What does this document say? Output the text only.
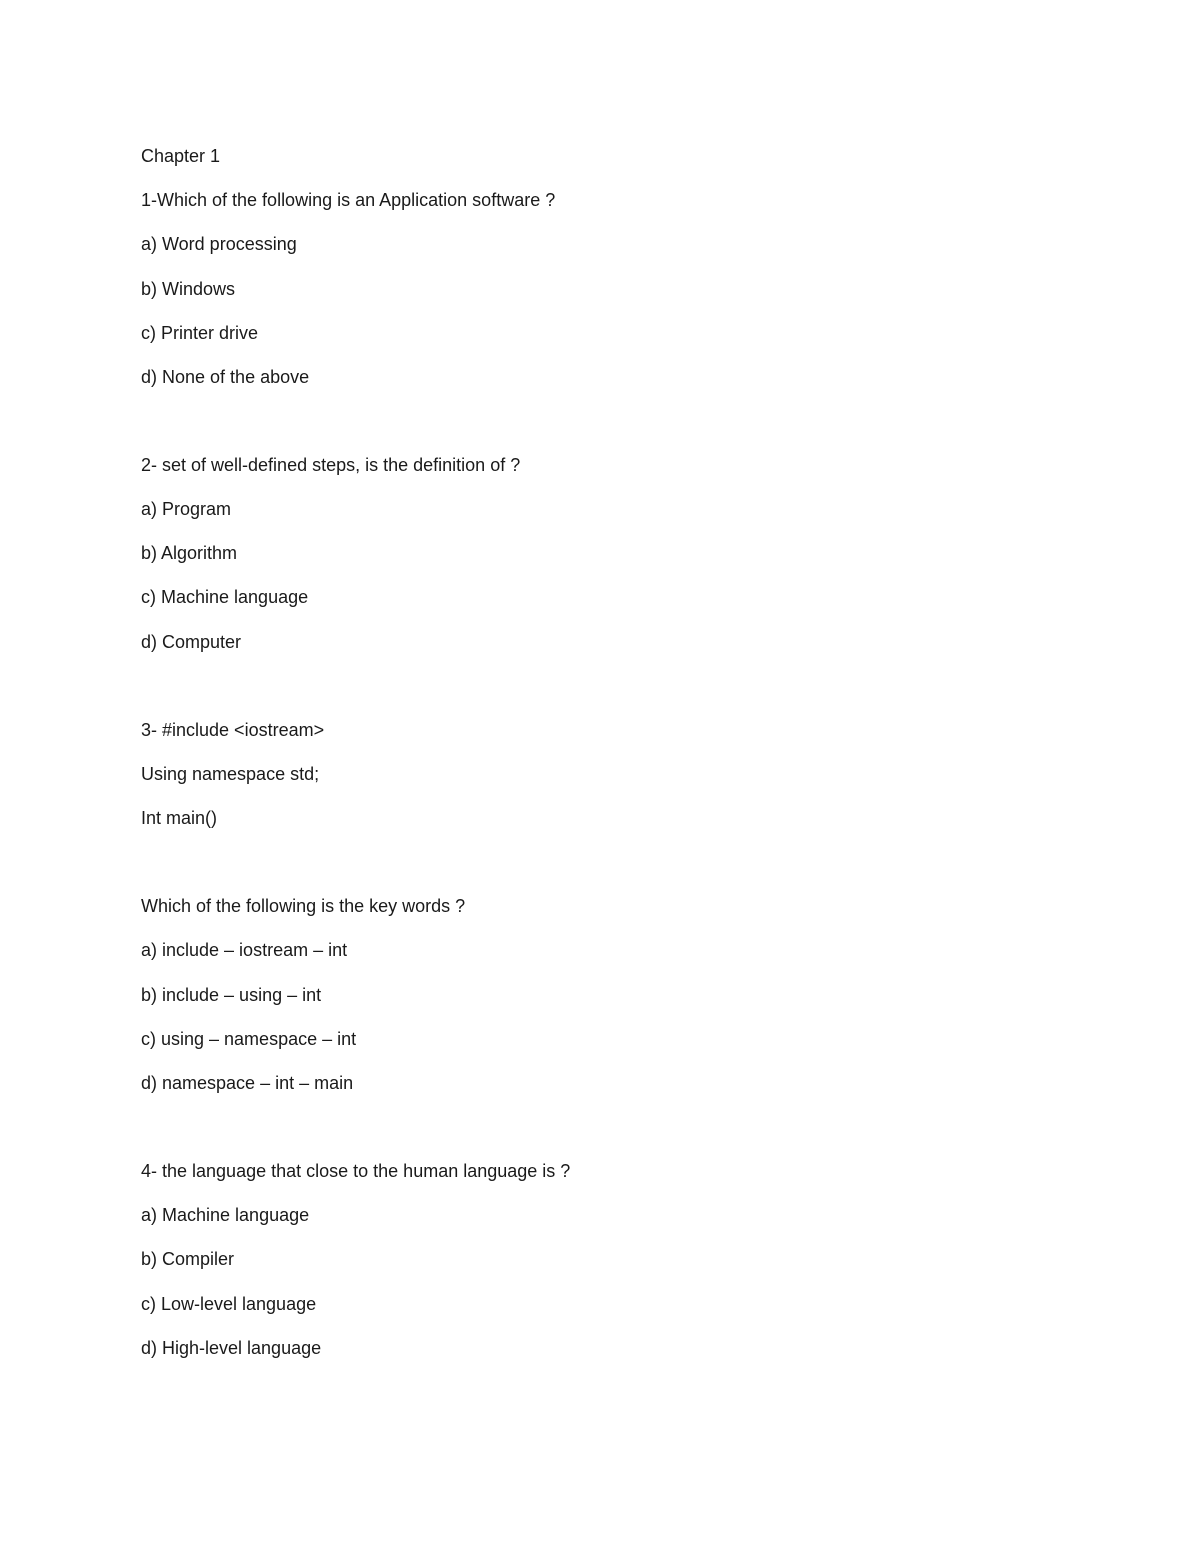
Chapter 1

1-Which of the following is an Application software ?

a) Word processing

b) Windows

c) Printer drive

d) None of the above

2- set of well-defined steps, is the definition of ?

a) Program

b) Algorithm

c) Machine language

d) Computer

3- #include <iostream>

Using namespace std;

Int main()

Which of the following is the key words ?

a) include – iostream – int

b) include – using – int

c) using – namespace – int

d) namespace – int – main

4- the language that close to the human language is ?

a) Machine language

b) Compiler

c) Low-level language

d) High-level language
